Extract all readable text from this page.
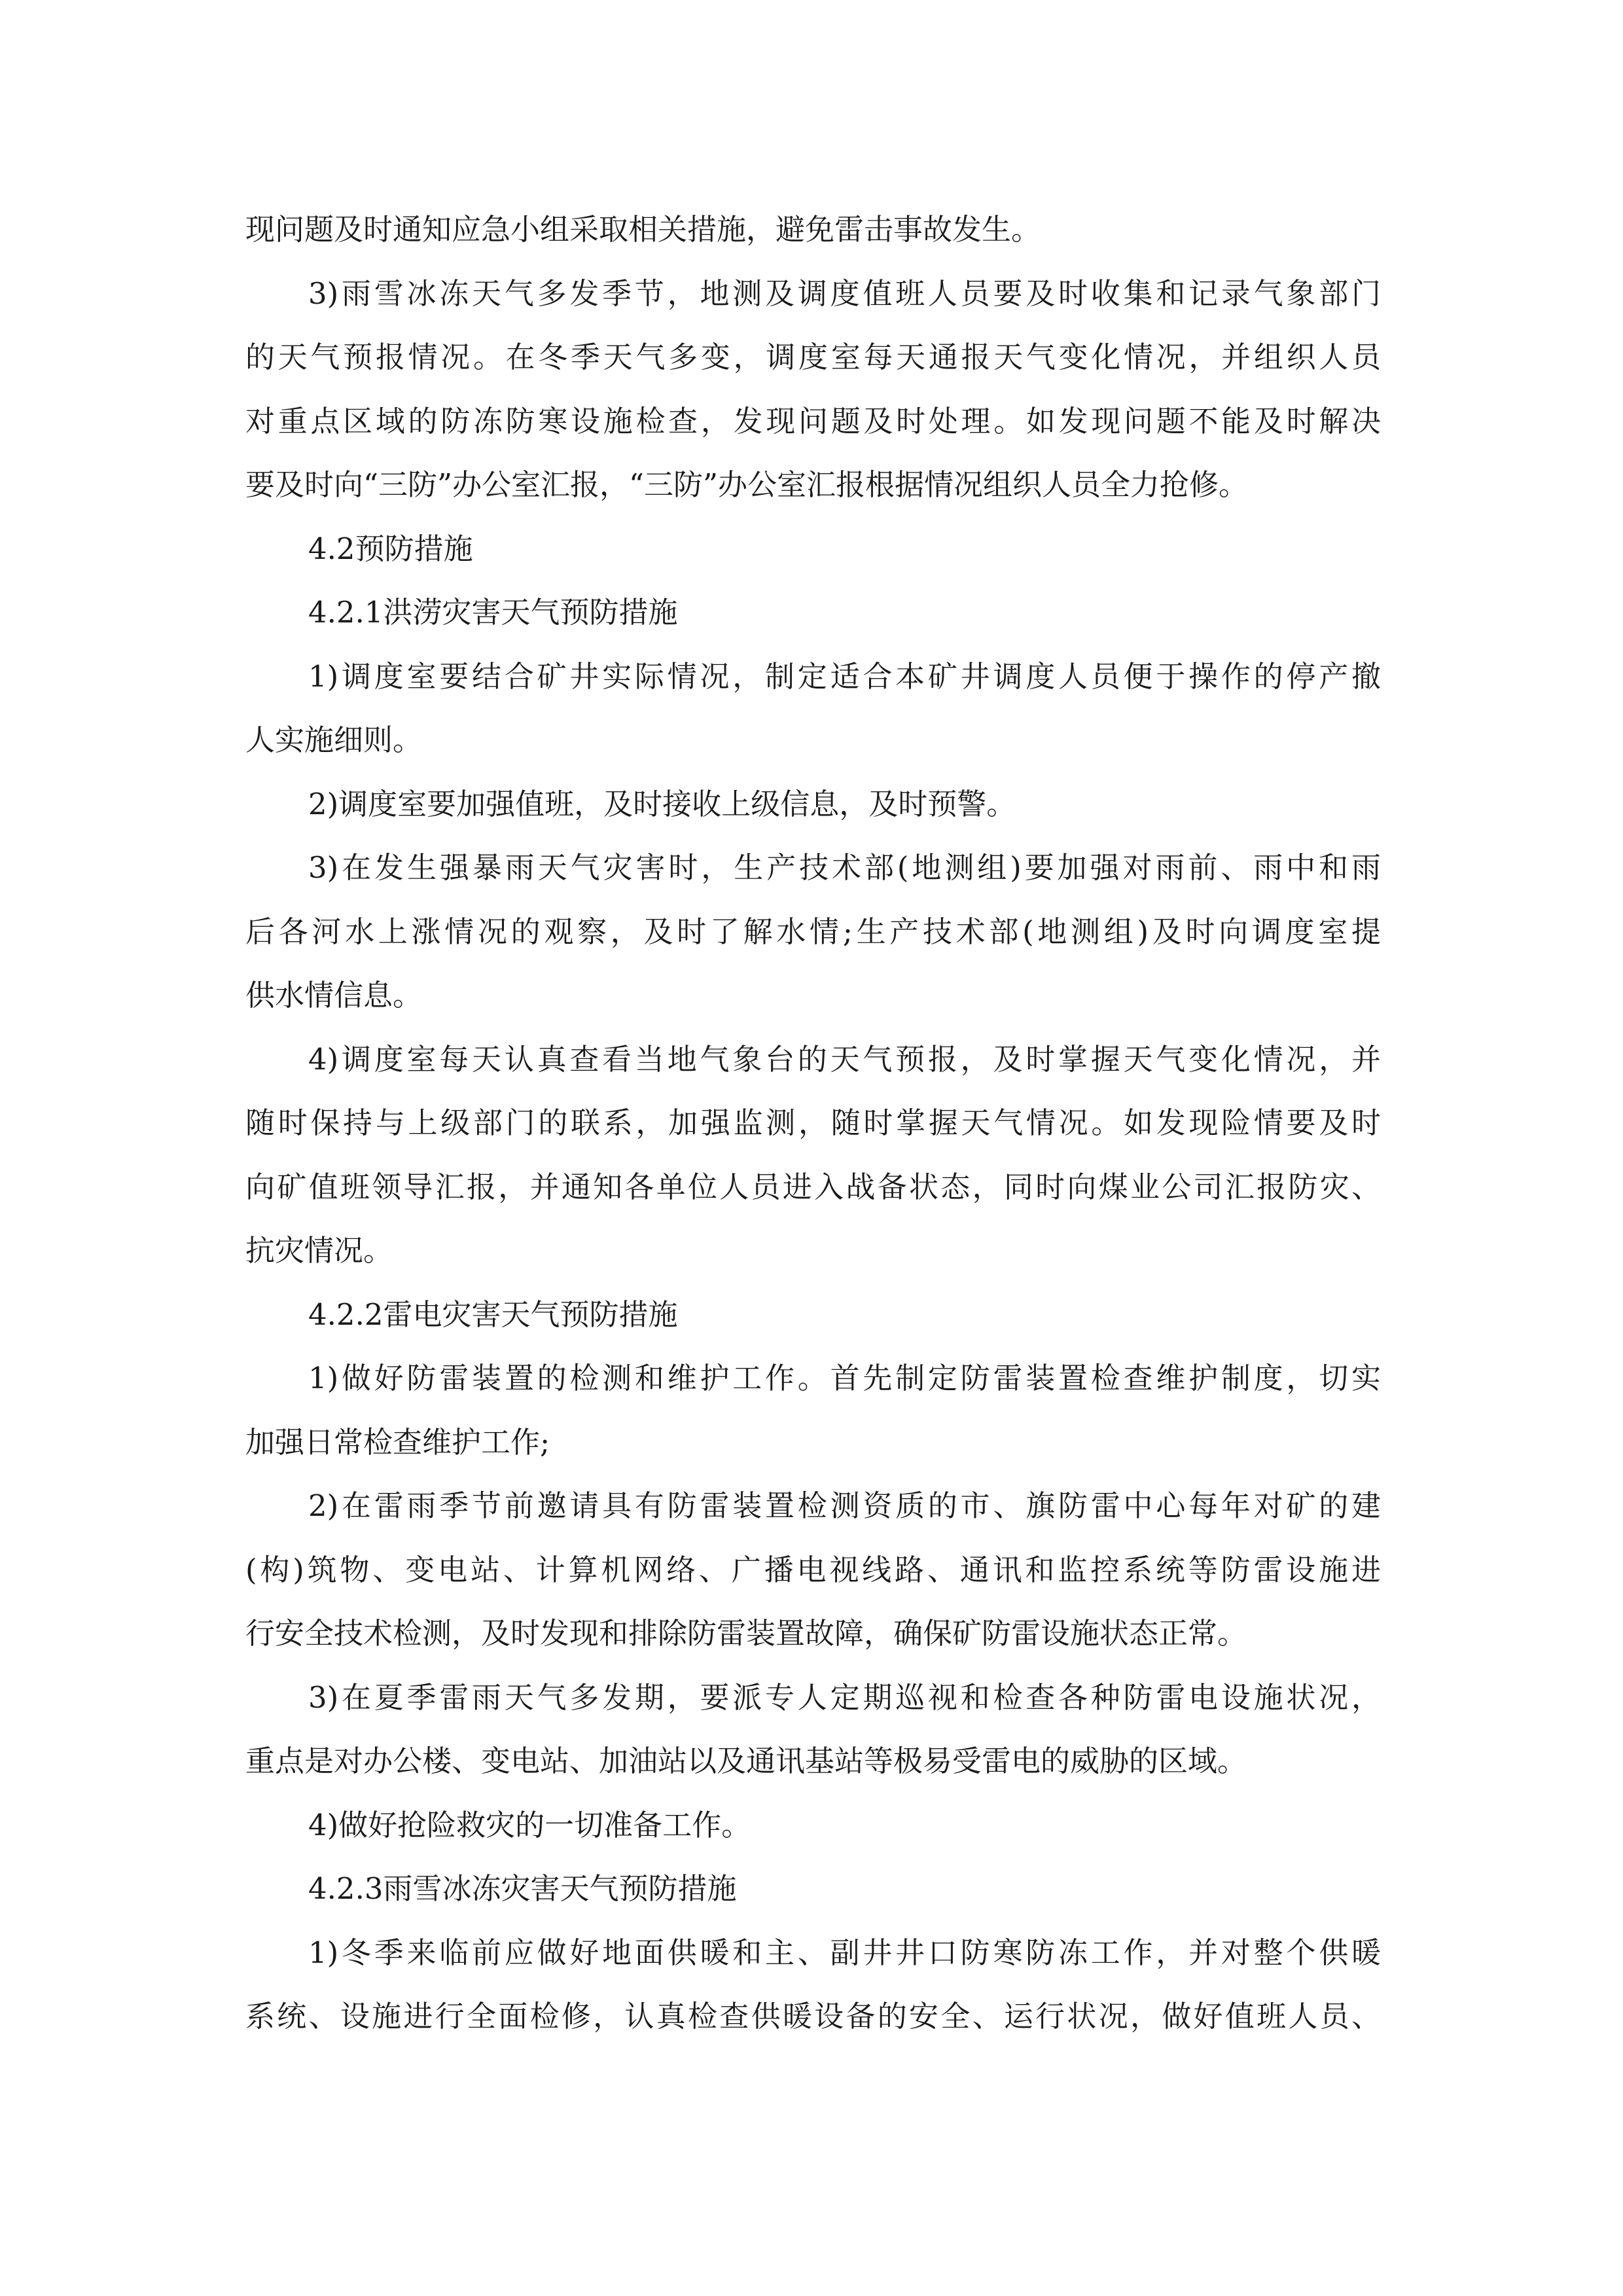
现问题及时通知应急小组采取相关措施，避免雷击事故发生。
3)雨雪冰冻天气多发季节，地测及调度值班人员要及时收集和记录气象部门
的天气预报情况。在冬季天气多变，调度室每天通报天气变化情况，并组织人员
对重点区域的防冻防寒设施检查，发现问题及时处理。如发现问题不能及时解决
要及时向“三防”办公室汇报，“三防”办公室汇报根据情况组织人员全力抢修。
4.2预防措施
4.2.1洪涝灾害天气预防措施
1)调度室要结合矿井实际情况，制定适合本矿井调度人员便于操作的停产撤
人实施细则。
2)调度室要加强值班，及时接收上级信息，及时预警。
3)在发生强暴雨天气灾害时，生产技术部(地测组)要加强对雨前、雨中和雨
后各河水上涨情况的观察，及时了解水情;生产技术部(地测组)及时向调度室提
供水情信息。
4)调度室每天认真查看当地气象台的天气预报，及时掌握天气变化情况，并
随时保持与上级部门的联系，加强监测，随时掌握天气情况。如发现险情要及时
向矿值班领导汇报，并通知各单位人员进入战备状态，同时向煤业公司汇报防灾、
抗灾情况。
4.2.2雷电灾害天气预防措施
1)做好防雷装置的检测和维护工作。首先制定防雷装置检查维护制度，切实
加强日常检查维护工作;
2)在雷雨季节前邀请具有防雷装置检测资质的市、旗防雷中心每年对矿的建
(构)筑物、变电站、计算机网络、广播电视线路、通讯和监控系统等防雷设施进
行安全技术检测，及时发现和排除防雷装置故障，确保矿防雷设施状态正常。
3)在夏季雷雨天气多发期，要派专人定期巡视和检查各种防雷电设施状况，
重点是对办公楼、变电站、加油站以及通讯基站等极易受雷电的威胁的区域。
4)做好抢险救灾的一切准备工作。
4.2.3雨雪冰冻灾害天气预防措施
1)冬季来临前应做好地面供暖和主、副井井口防寒防冻工作，并对整个供暖
系统、设施进行全面检修，认真检查供暖设备的安全、运行状况，做好值班人员、
